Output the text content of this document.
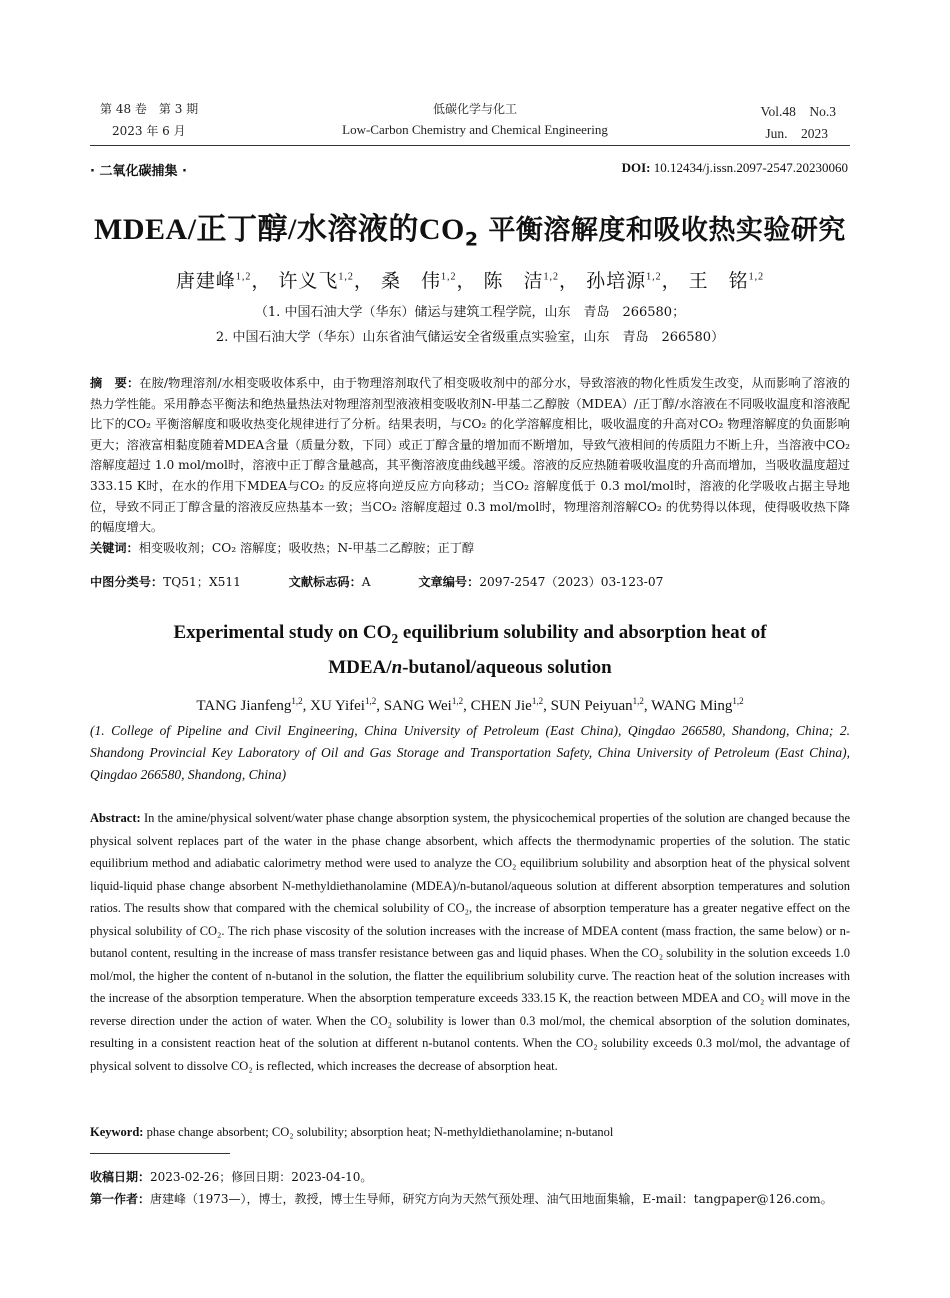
第 48 卷　第 3 期
2023 年 6 月
低碳化学与化工
Low-Carbon Chemistry and Chemical Engineering
Vol.48　No.3
Jun.　2023
· 二氧化碳捕集 ·	DOI: 10.12434/j.issn.2097-2547.20230060
MDEA/正丁醇/水溶液的$CO_2$ 平衡溶解度和吸收热实验研究
唐建峰$^{1,2}$， 许义飞$^{1,2}$， 桑　伟$^{1,2}$， 陈　洁$^{1,2}$， 孙培源$^{1,2}$， 王　铭$^{1,2}$
（1. 中国石油大学（华东）储运与建筑工程学院，山东　青岛　266580；
2. 中国石油大学（华东）山东省油气储运安全省级重点实验室，山东　青岛　266580）
摘　要：在胺/物理溶剂/水相变吸收体系中，由于物理溶剂取代了相变吸收剂中的部分水，导致溶液的物化性质发生改变，从而影响了溶液的热力学性能。采用静态平衡法和绝热量热法对物理溶剂型液液相变吸收剂N-甲基二乙醇胺（MDEA）/正丁醇/水溶液在不同吸收温度和溶液配比下的CO₂ 平衡溶解度和吸收热变化规律进行了分析。结果表明，与CO₂ 的化学溶解度相比，吸收温度的升高对CO₂ 物理溶解度的负面影响更大；溶液富相黏度随着MDEA含量（质量分数，下同）或正丁醇含量的增加而不断增加，导致气液相间的传质阻力不断上升，当溶液中CO₂ 溶解度超过 1.0 mol/mol时，溶液中正丁醇含量越高，其平衡溶液度曲线越平缓。溶液的反应热随着吸收温度的升高而增加，当吸收温度超过 333.15 K时，在水的作用下MDEA与CO₂ 的反应将向逆反应方向移动；当CO₂ 溶解度低于 0.3 mol/mol时，溶液的化学吸收占据主导地位，导致不同正丁醇含量的溶液反应热基本一致；当CO₂ 溶解度超过 0.3 mol/mol时，物理溶剂溶解CO₂ 的优势得以体现，使得吸收热下降的幅度增大。
关键词：相变吸收剂；CO₂ 溶解度；吸收热；N-甲基二乙醇胺；正丁醇
中图分类号：TQ51；X511	文献标志码：A	文章编号：2097-2547（2023）03-123-07
Experimental study on $CO_2$ equilibrium solubility and absorption heat of
MDEA/n-butanol/aqueous solution
TANG Jianfeng$^{1,2}$, XU Yifei$^{1,2}$, SANG Wei$^{1,2}$, CHEN Jie$^{1,2}$, SUN Peiyuan$^{1,2}$, WANG Ming$^{1,2}$
(1. College of Pipeline and Civil Engineering, China University of Petroleum (East China), Qingdao 266580, Shandong, China; 2. Shandong Provincial Key Laboratory of Oil and Gas Storage and Transportation Safety, China University of Petroleum (East China), Qingdao 266580, Shandong, China)
Abstract: In the amine/physical solvent/water phase change absorption system, the physicochemical properties of the solution are changed because the physical solvent replaces part of the water in the phase change absorbent, which affects the thermodynamic properties of the solution. The static equilibrium method and adiabatic calorimetry method were used to analyze the CO₂ equilibrium solubility and absorption heat of the physical solvent liquid-liquid phase change absorbent N-methyldiethanolamine (MDEA)/n-butanol/aqueous solution at different absorption temperatures and solution ratios. The results show that compared with the chemical solubility of CO₂, the increase of absorption temperature has a greater negative effect on the physical solubility of CO₂. The rich phase viscosity of the solution increases with the increase of MDEA content (mass fraction, the same below) or n-butanol content, resulting in the increase of mass transfer resistance between gas and liquid phases. When the CO₂ solubility in the solution exceeds 1.0 mol/mol, the higher the content of n-butanol in the solution, the flatter the equilibrium solubility curve. The reaction heat of the solution increases with the increase of the absorption temperature. When the absorption temperature exceeds 333.15 K, the reaction between MDEA and CO₂ will move in the reverse direction under the action of water. When the CO₂ solubility is lower than 0.3 mol/mol, the chemical absorption of the solution dominates, resulting in a consistent reaction heat of the solution at different n-butanol contents. When the CO₂ solubility exceeds 0.3 mol/mol, the advantage of physical solvent to dissolve CO₂ is reflected, which increases the decrease of absorption heat.
Keyword: phase change absorbent; CO₂ solubility; absorption heat; N-methyldiethanolamine; n-butanol
收稿日期：2023-02-26；修回日期：2023-04-10。
第一作者：唐建峰（1973—），博士，教授，博士生导师，研究方向为天然气预处理、油气田地面集输，E-mail：tangpaper@126.com。
